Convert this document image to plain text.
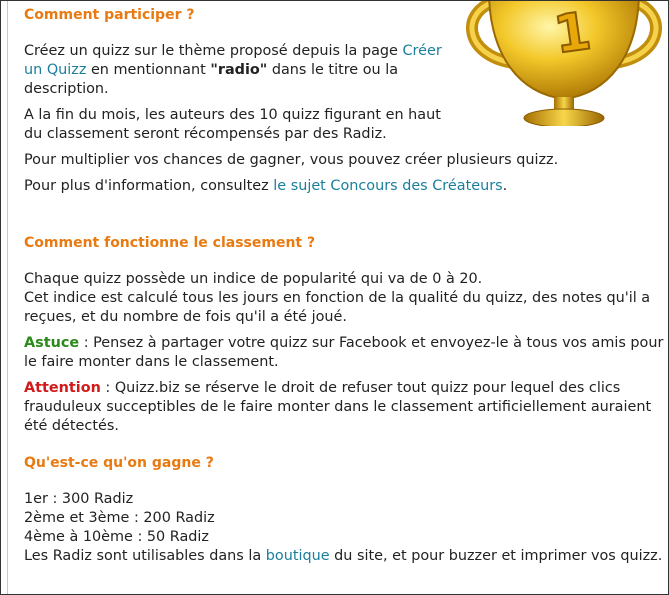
1
Comment participer ?

Créez un quizz sur le thème proposé depuis la page Créer un Quizz en mentionnant "radio" dans le titre ou la description.

A la fin du mois, les auteurs des 10 quizz figurant en haut du classement seront récompensés par des Radiz.

Pour multiplier vos chances de gagner, vous pouvez créer plusieurs quizz.

Pour plus d'information, consultez le sujet Concours des Créateurs.

Comment fonctionne le classement ?

Chaque quizz possède un indice de popularité qui va de 0 à 20.

Cet indice est calculé tous les jours en fonction de la qualité du quizz, des notes qu'il a reçues, et du nombre de fois qu'il a été joué.

Astuce : Pensez à partager votre quizz sur Facebook et envoyez-le à tous vos amis pour le faire monter dans le classement.

Attention : Quizz.biz se réserve le droit de refuser tout quizz pour lequel des clics frauduleux succeptibles de le faire monter dans le classement artificiellement auraient été détectés.

Qu'est-ce qu'on gagne ?

1er : 300 Radiz

2ème et 3ème : 200 Radiz

4ème à 10ème : 50 Radiz

Les Radiz sont utilisables dans la boutique du site, et pour buzzer et imprimer vos quizz.
